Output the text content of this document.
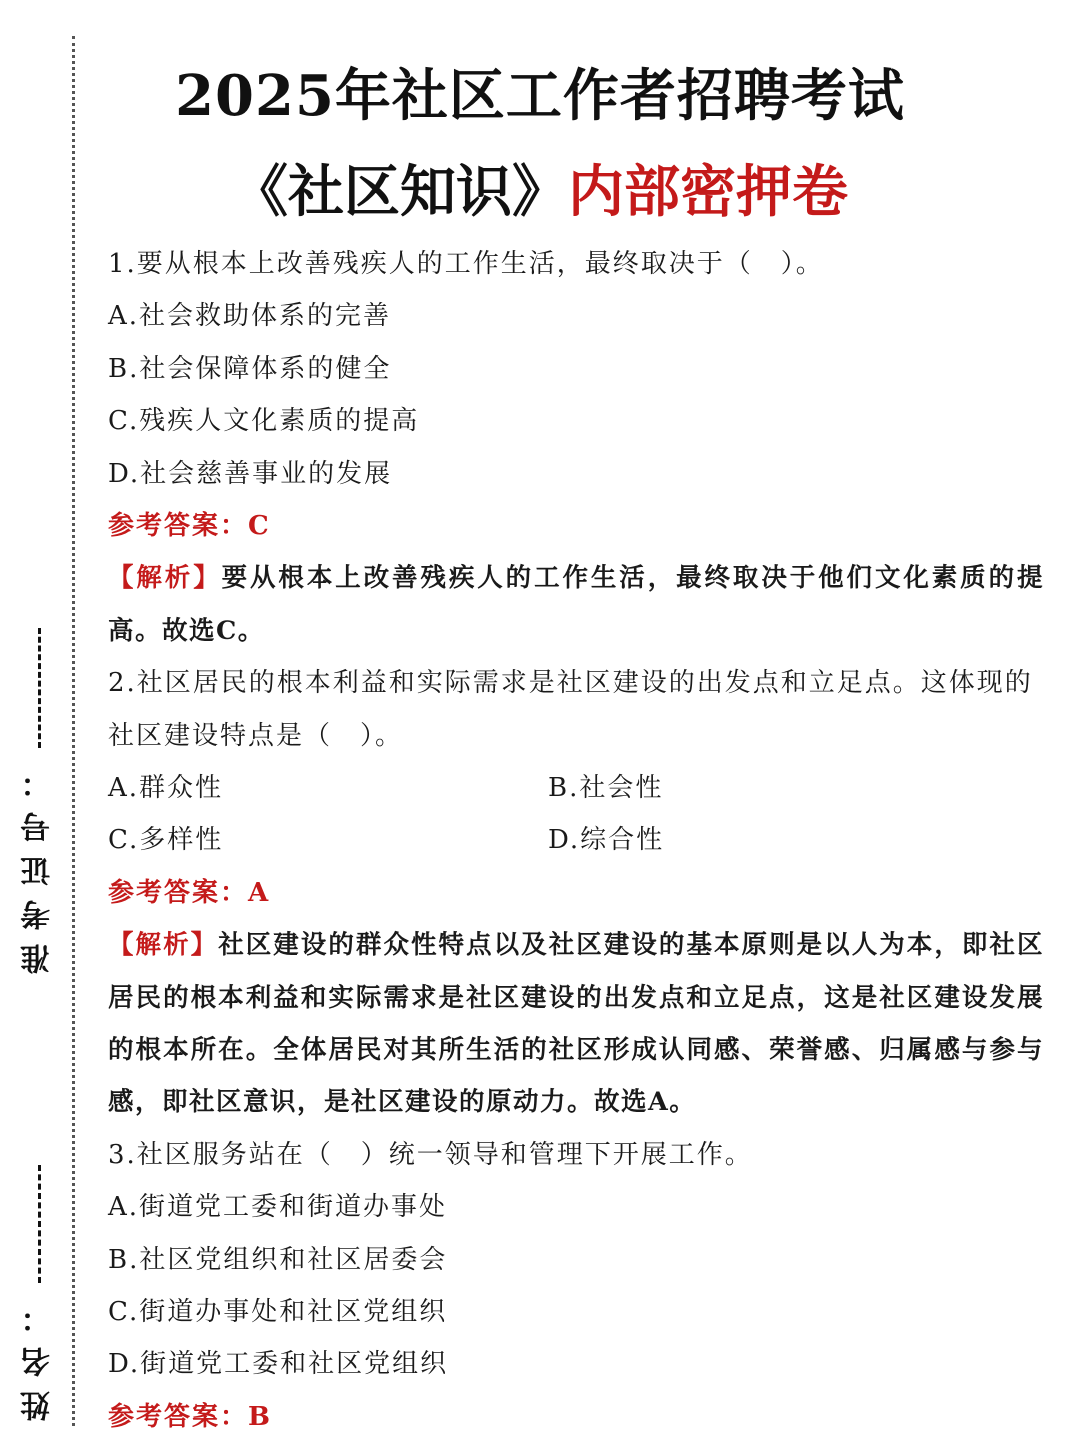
准考证号：
姓名：
2025年社区工作者招聘考试
《社区知识》内部密押卷
1.要从根本上改善残疾人的工作生活，最终取决于（　）。
A.社会救助体系的完善
B.社会保障体系的健全
C.残疾人文化素质的提高
D.社会慈善事业的发展
参考答案：C
【解析】要从根本上改善残疾人的工作生活，最终取决于他们文化素质的提高。故选C。
2.社区居民的根本利益和实际需求是社区建设的出发点和立足点。这体现的社区建设特点是（　）。
A.群众性	B.社会性
C.多样性	D.综合性
参考答案：A
【解析】社区建设的群众性特点以及社区建设的基本原则是以人为本，即社区居民的根本利益和实际需求是社区建设的出发点和立足点，这是社区建设发展的根本所在。全体居民对其所生活的社区形成认同感、荣誉感、归属感与参与感，即社区意识，是社区建设的原动力。故选A。
3.社区服务站在（　）统一领导和管理下开展工作。
A.街道党工委和街道办事处
B.社区党组织和社区居委会
C.街道办事处和社区党组织
D.街道党工委和社区党组织
参考答案：B
